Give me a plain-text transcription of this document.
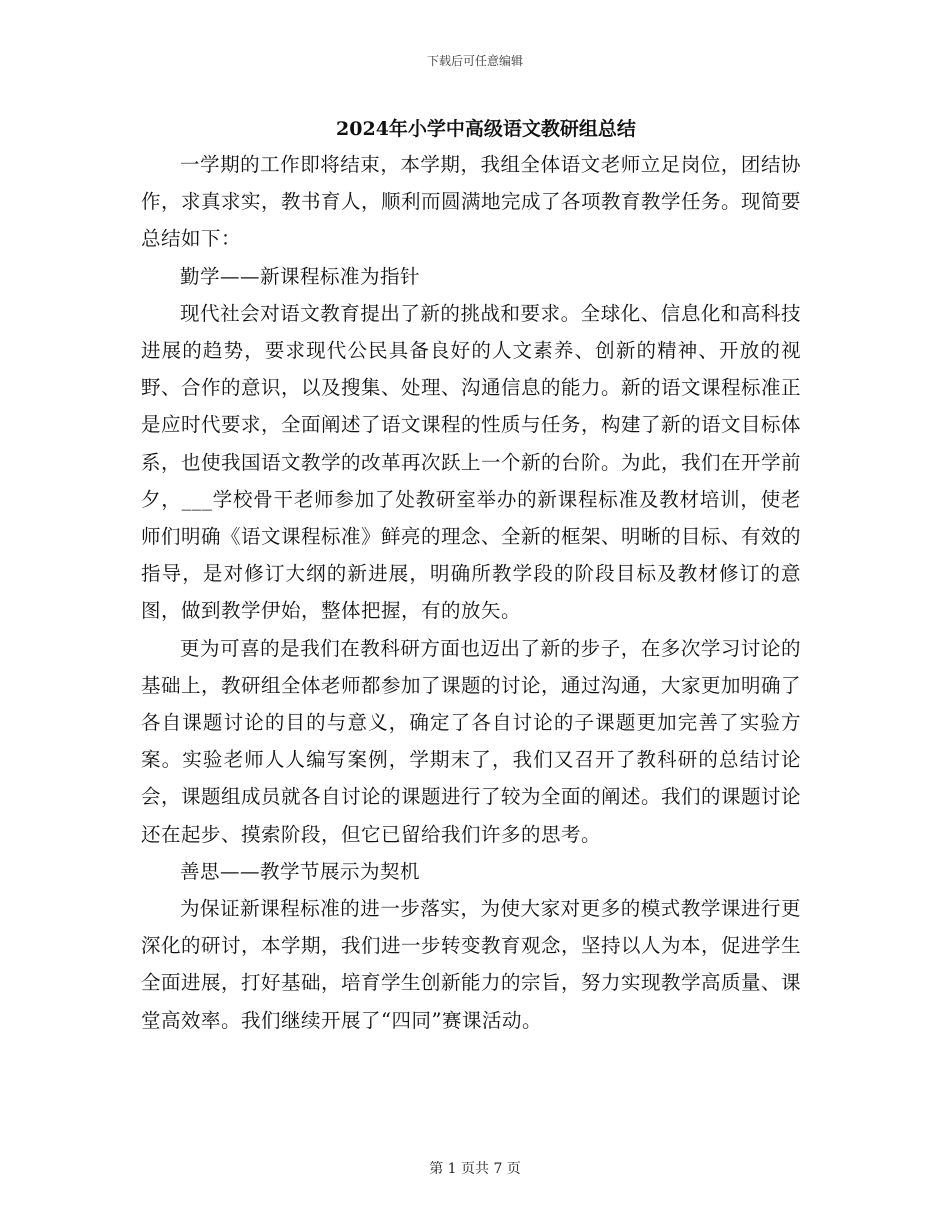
下载后可任意编辑
2024年小学中高级语文教研组总结

一学期的工作即将结束，本学期，我组全体语文老师立足岗位，团结协作，求真求实，教书育人，顺利而圆满地完成了各项教育教学任务。现简要总结如下：

勤学——新课程标准为指针

现代社会对语文教育提出了新的挑战和要求。全球化、信息化和高科技进展的趋势，要求现代公民具备良好的人文素养、创新的精神、开放的视野、合作的意识，以及搜集、处理、沟通信息的能力。新的语文课程标准正是应时代要求，全面阐述了语文课程的性质与任务，构建了新的语文目标体系，也使我国语文教学的改革再次跃上一个新的台阶。为此，我们在开学前夕，___学校骨干老师参加了处教研室举办的新课程标准及教材培训，使老师们明确《语文课程标准》鲜亮的理念、全新的框架、明晰的目标、有效的指导，是对修订大纲的新进展，明确所教学段的阶段目标及教材修订的意图，做到教学伊始，整体把握，有的放矢。

更为可喜的是我们在教科研方面也迈出了新的步子，在多次学习讨论的基础上，教研组全体老师都参加了课题的讨论，通过沟通，大家更加明确了各自课题讨论的目的与意义，确定了各自讨论的子课题更加完善了实验方案。实验老师人人编写案例，学期末了，我们又召开了教科研的总结讨论会，课题组成员就各自讨论的课题进行了较为全面的阐述。我们的课题讨论还在起步、摸索阶段，但它已留给我们许多的思考。

善思——教学节展示为契机

为保证新课程标准的进一步落实，为使大家对更多的模式教学课进行更深化的研讨，本学期，我们进一步转变教育观念，坚持以人为本，促进学生全面进展，打好基础，培育学生创新能力的宗旨，努力实现教学高质量、课堂高效率。我们继续开展了“四同”赛课活动。

第 1 页共 7 页
